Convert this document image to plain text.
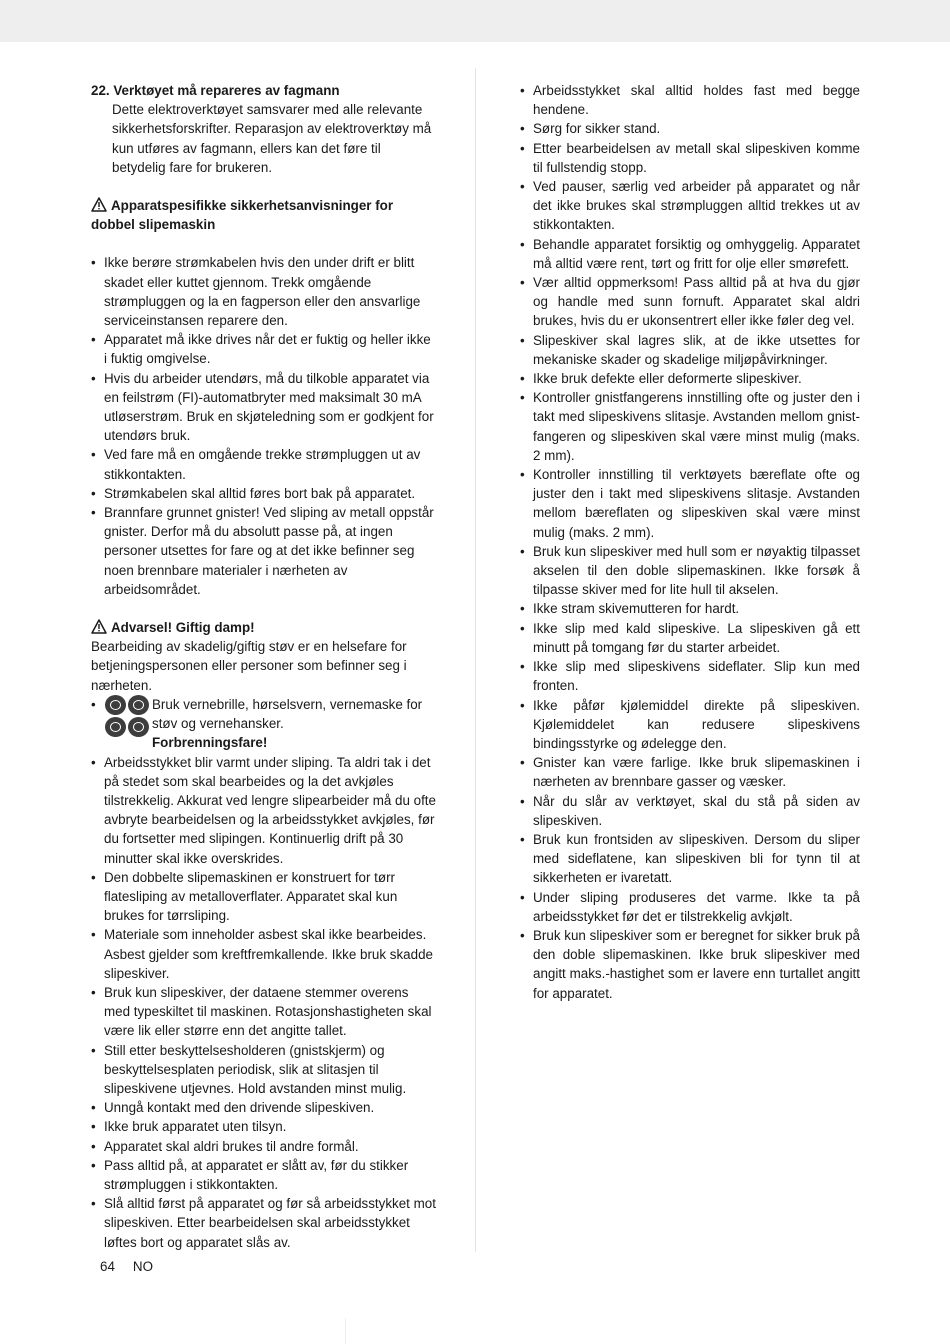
22. Verktøyet må repareres av fagmann
Dette elektroverktøyet samsvarer med alle relevante sikkerhetsforskrifter. Reparasjon av elektroverktøy må kun utføres av fagmann, ellers kan det føre til betydelig fare for brukeren.
Apparatspesifikke sikkerhetsanvisninger for dobbel slipemaskin
• Ikke berøre strømkabelen hvis den under drift er blitt skadet eller kuttet gjennom. Trekk omgående strømpluggen og la en fagperson eller den ansvarlige serviceinstansen reparere den.
• Apparatet må ikke drives når det er fuktig og heller ikke i fuktig omgivelse.
• Hvis du arbeider utendørs, må du tilkoble apparatet via en feilstrøm (FI)-automatbryter med maksimalt 30 mA utløserstrøm. Bruk en skjøteledning som er godkjent for utendørs bruk.
• Ved fare må en omgående trekke strømpluggen ut av stikkontakten.
• Strømkabelen skal alltid føres bort bak på apparatet.
• Brannfare grunnet gnister! Ved sliping av metall oppstår gnister. Derfor må du absolutt passe på, at ingen personer utsettes for fare og at det ikke befinner seg noen brennbare materialer i nærheten av arbeidsområdet.
Advarsel! Giftig damp!
Bearbeiding av skadelig/giftig støv er en helsefare for betjeningspersonen eller personer som befinner seg i nærheten.
• Bruk vernebrille, hørselsvern, vernemaske for støv og vernehansker.
Forbrenningsfare!
• Arbeidsstykket blir varmt under sliping. Ta aldri tak i det på stedet som skal bearbeides og la det avkjøles tilstrekkelig. Akkurat ved lengre slipearbeider må du ofte avbryte bearbeidelsen og la arbeidsstykket avkjøles, før du fortsetter med slipingen. Kontinuerlig drift på 30 minutter skal ikke overskrides.
• Den dobbelte slipemaskinen er konstruert for tørr flatesliping av metalloverflater. Apparatet skal kun brukes for tørrsliping.
• Materiale som inneholder asbest skal ikke bearbeides. Asbest gjelder som kreftfremkallende. Ikke bruk skadde slipeskiver.
• Bruk kun slipeskiver, der dataene stemmer overens med typeskiltet til maskinen. Rotasjonshastigheten skal være lik eller større enn det angitte tallet.
• Still etter beskyttelsesholderen (gnistskjerm) og beskyttelsesplaten periodisk, slik at slitasjen til slipeskivene utjevnes. Hold avstanden minst mulig.
• Unngå kontakt med den drivende slipeskiven.
• Ikke bruk apparatet uten tilsyn.
• Apparatet skal aldri brukes til andre formål.
• Pass alltid på, at apparatet er slått av, før du stikker strømpluggen i stikkontakten.
• Slå alltid først på apparatet og før så arbeidsstykket mot slipeskiven. Etter bearbeidelsen skal arbeidsstykket løftes bort og apparatet slås av.
• Arbeidsstykket skal alltid holdes fast med begge hendene.
• Sørg for sikker stand.
• Etter bearbeidelsen av metall skal slipeskiven komme til fullstendig stopp.
• Ved pauser, særlig ved arbeider på apparatet og når det ikke brukes skal strømpluggen alltid trekkes ut av stikkontakten.
• Behandle apparatet forsiktig og omhyggelig. Apparatet må alltid være rent, tørt og fritt for olje eller smørefett.
• Vær alltid oppmerksom! Pass alltid på at hva du gjør og handle med sunn fornuft. Apparatet skal aldri brukes, hvis du er ukonsentrert eller ikke føler deg vel.
• Slipeskiver skal lagres slik, at de ikke utsettes for mekaniske skader og skadelige miljøpåvirkninger.
• Ikke bruk defekte eller deformerte slipeskiver.
• Kontroller gnistfangerens innstilling ofte og juster den i takt med slipeskivens slitasje. Avstanden mellom gnist-fangeren og slipeskiven skal være minst mulig (maks. 2 mm).
• Kontroller innstilling til verktøyets bæreflate ofte og juster den i takt med slipeskivens slitasje. Avstanden mellom bæreflaten og slipeskiven skal være minst mulig (maks. 2 mm).
• Bruk kun slipeskiver med hull som er nøyaktig tilpasset akselen til den doble slipemaskinen. Ikke forsøk å tilpasse skiver med for lite hull til akselen.
• Ikke stram skivemutteren for hardt.
• Ikke slip med kald slipeskive. La slipeskiven gå ett minutt på tomgang før du starter arbeidet.
• Ikke slip med slipeskivens sideflater. Slip kun med fronten.
• Ikke påfør kjølemiddel direkte på slipeskiven. Kjølemiddelet kan redusere slipeskivens bindingsstyrke og ødelegge den.
• Gnister kan være farlige. Ikke bruk slipemaskinen i nærheten av brennbare gasser og væsker.
• Når du slår av verktøyet, skal du stå på siden av slipeskiven.
• Bruk kun frontsiden av slipeskiven. Dersom du sliper med sideflatene, kan slipeskiven bli for tynn til at sikkerheten er ivaretatt.
• Under sliping produseres det varme. Ikke ta på arbeidsstykket før det er tilstrekkelig avkjølt.
• Bruk kun slipeskiver som er beregnet for sikker bruk på den doble slipemaskinen. Ikke bruk slipeskiver med angitt maks.-hastighet som er lavere enn turtallet angitt for apparatet.
64 NO
